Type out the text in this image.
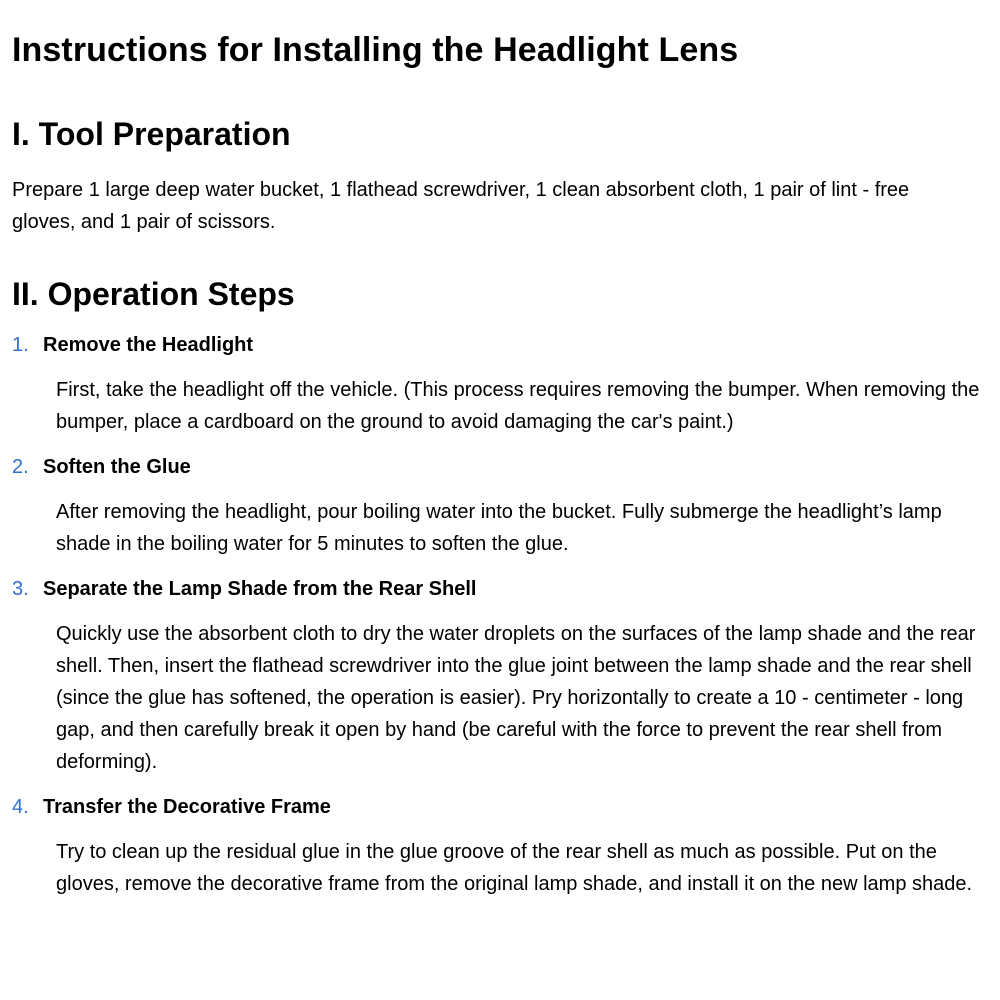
Instructions for Installing the Headlight Lens
I. Tool Preparation

Prepare 1 large deep water bucket, 1 flathead screwdriver, 1 clean absorbent cloth, 1 pair of lint - free gloves, and 1 pair of scissors.

II. Operation Steps
1. Remove the Headlight
First, take the headlight off the vehicle. (This process requires removing the bumper. When removing the bumper, place a cardboard on the ground to avoid damaging the car's paint.)
2. Soften the Glue
After removing the headlight, pour boiling water into the bucket. Fully submerge the headlight’s lamp shade in the boiling water for 5 minutes to soften the glue.
3. Separate the Lamp Shade from the Rear Shell
Quickly use the absorbent cloth to dry the water droplets on the surfaces of the lamp shade and the rear shell. Then, insert the flathead screwdriver into the glue joint between the lamp shade and the rear shell (since the glue has softened, the operation is easier). Pry horizontally to create a 10 - centimeter - long gap, and then carefully break it open by hand (be careful with the force to prevent the rear shell from deforming).
4. Transfer the Decorative Frame
Try to clean up the residual glue in the glue groove of the rear shell as much as possible. Put on the gloves, remove the decorative frame from the original lamp shade, and install it on the new lamp shade.
